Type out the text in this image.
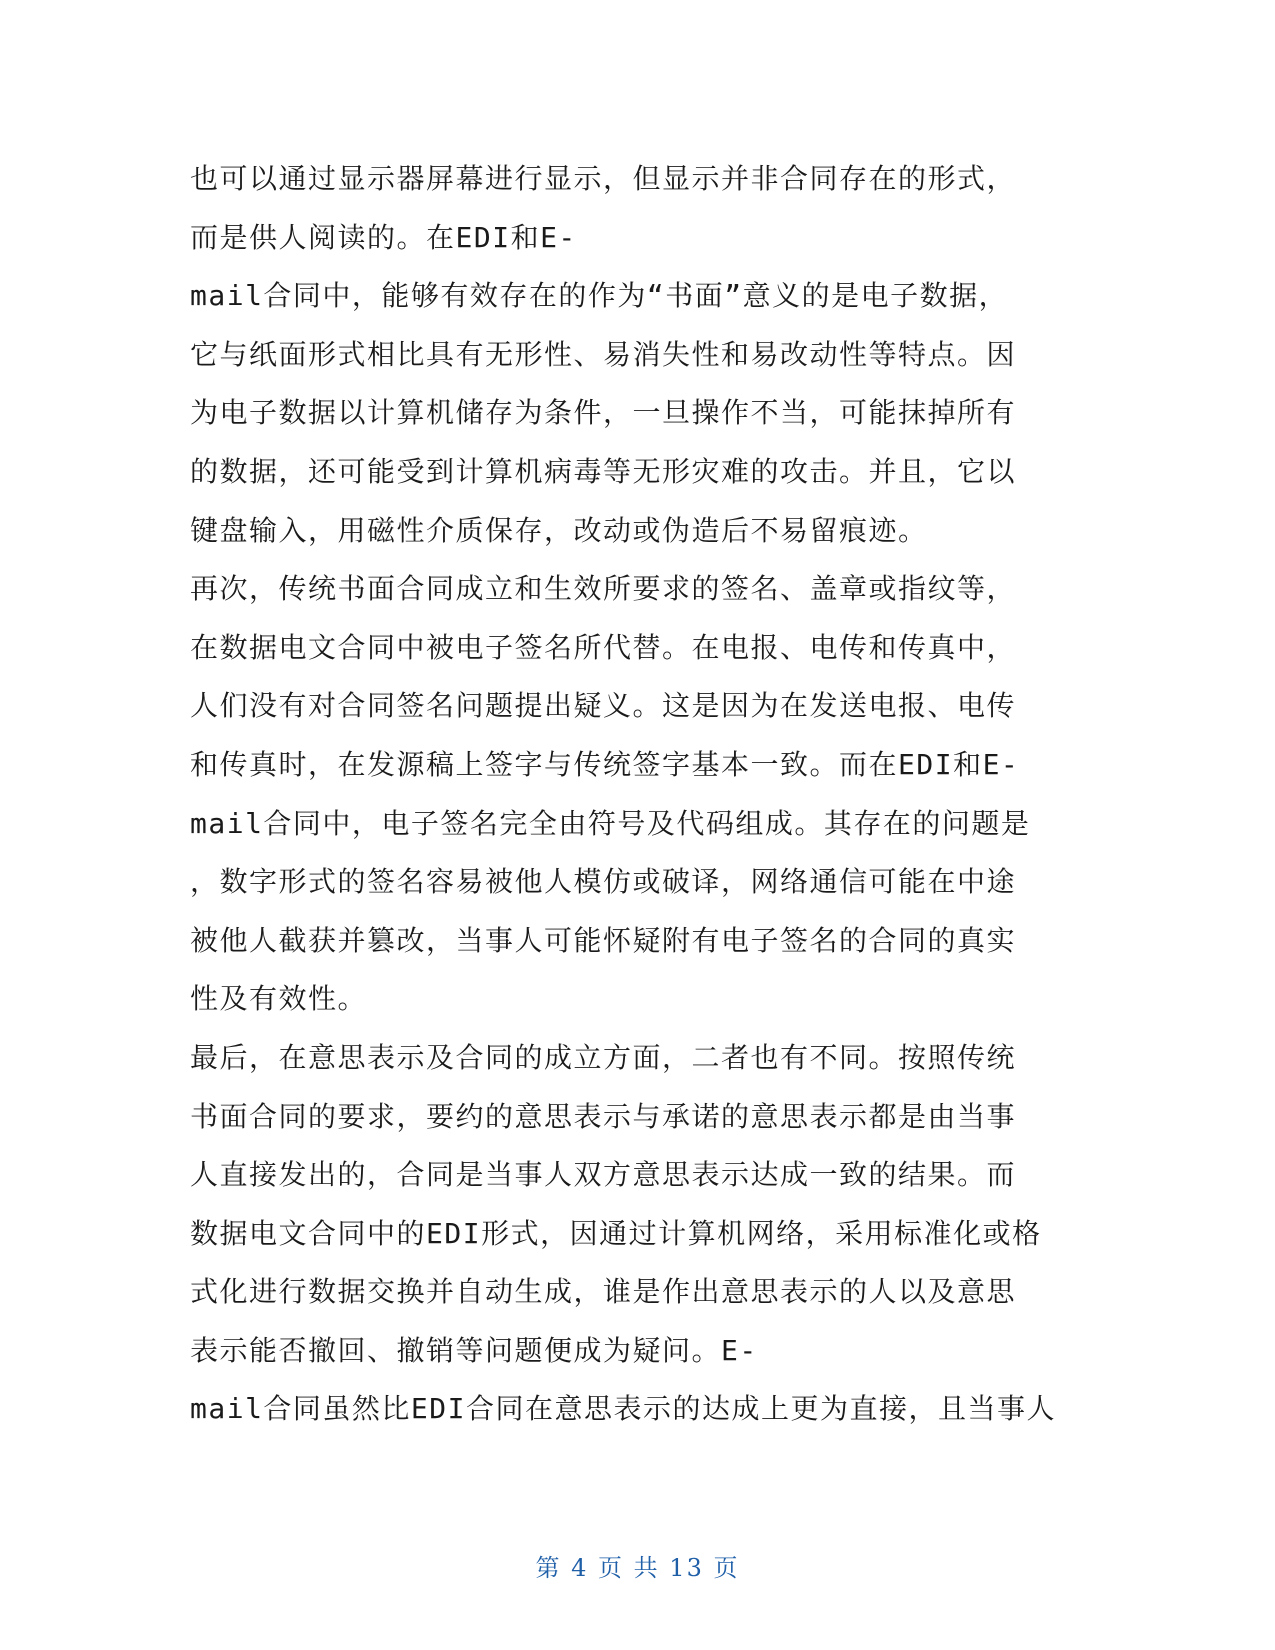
也可以通过显示器屏幕进行显示，但显示并非合同存在的形式，
而是供人阅读的。在EDI和E-
mail合同中，能够有效存在的作为“书面”意义的是电子数据，
它与纸面形式相比具有无形性、易消失性和易改动性等特点。因
为电子数据以计算机储存为条件，一旦操作不当，可能抹掉所有
的数据，还可能受到计算机病毒等无形灾难的攻击。并且，它以
键盘输入，用磁性介质保存，改动或伪造后不易留痕迹。
再次，传统书面合同成立和生效所要求的签名、盖章或指纹等，
在数据电文合同中被电子签名所代替。在电报、电传和传真中，
人们没有对合同签名问题提出疑义。这是因为在发送电报、电传
和传真时，在发源稿上签字与传统签字基本一致。而在EDI和E-
mail合同中，电子签名完全由符号及代码组成。其存在的问题是
，数字形式的签名容易被他人模仿或破译，网络通信可能在中途
被他人截获并篡改，当事人可能怀疑附有电子签名的合同的真实
性及有效性。
最后，在意思表示及合同的成立方面，二者也有不同。按照传统
书面合同的要求，要约的意思表示与承诺的意思表示都是由当事
人直接发出的，合同是当事人双方意思表示达成一致的结果。而
数据电文合同中的EDI形式，因通过计算机网络，采用标准化或格
式化进行数据交换并自动生成，谁是作出意思表示的人以及意思
表示能否撤回、撤销等问题便成为疑问。E-
mail合同虽然比EDI合同在意思表示的达成上更为直接，且当事人
第 4 页 共 13 页
